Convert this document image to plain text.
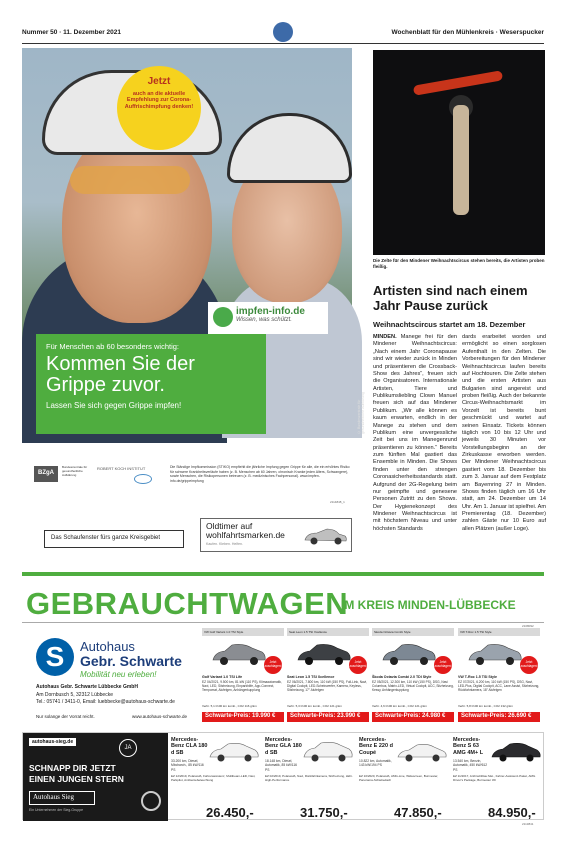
Nummer 50 · 11. Dezember 2021	Wochenblatt für den Mühlenkreis · Weserspucker
Jetzt
auch an die aktuelle Empfehlung zur Corona-Auffrischimpfung denken!
impfen-info.de
Wissen, was schützt.
Für Menschen ab 60 besonders wichtig:
Kommen Sie der Grippe zuvor.
Lassen Sie sich gegen Grippe impfen!	© Bundeszentrale für gesundheitliche Aufklärung
BZgA
Bundeszentrale für gesundheitliche Aufklärung
ROBERT KOCH INSTITUT	Die Ständige Impfkommission (STIKO) empfiehlt die jährliche Impfung gegen Grippe für alle, die ein erhöhtes Risiko für schwere Krankheitsverläufe haben (z. B. Menschen ab 60 Jahren, chronisch Kranke jeden Alters, Schwangere), sowie Menschen, die Risikopersonen betreuen (z. B. medizinisches Fachpersonal). www.impfen-info.de/grippeimpfung
2114848_1
Das Schaufenster fürs ganze Kreisgebiet
Oldtimer auf
wohlfahrtsmarken.de
Kaufen. Kleben. Helfen.
Die Zelte für den Mindener Weihnachtscircus stehen bereits, die Artisten proben fleißig.
Artisten sind nach einem Jahr Pause zurück
Weihnachtscircus startet am 18. Dezember
MINDEN. Manege frei für den Mindener Weihnachtscircus: „Nach einem Jahr Coronapause sind wir wieder zurück in Minden und präsentieren die Crossback-Show des Jahres“, freuen sich die Organisatoren. Internationale Artisten, Tiere und Publikumsliebling Clown Manuel freuen sich auf das Mindener Publikum. „Wir alle können es kaum erwarten, endlich in der Manege zu stehen und dem Publikum eine unvergessliche Zeit bei uns im Manegenrund präsentieren zu können.“ Bereits zum fünften Mal gastiert das Ensemble in Minden. Die Shows finden unter den strengen Coronasicherheitsstandards statt. Aufgrund der 2G-Regelung beim nur geimpfte und genesene Personen Zutritt zu den Shows. Der Hygienekonzept des Mindener Weihnachtscircus ist mit höchstem Niveau und unter höchsten Standards
dards erarbeitet worden und ermöglicht so einen sorglosen Aufenthalt in den Zelten. Die Vorbereitungen für den Mindener Weihnachtscircus laufen bereits auf Hochtouren. Die Zelte stehen und die ersten Artisten aus Bulgarien sind angereist und proben fleißig. Auch der bekannte Circus-Weihnachtsmarkt im Vorzelt ist bereits bunt geschmückt und wartet auf seinen Einsatz. Tickets können täglich von 10 bis 12 Uhr und jeweils 30 Minuten vor Vorstellungsbeginn an der Zirkuskasse erworben werden. Der Mindener Weihnachtscircus gastiert vom 18. Dezember bis zum 3. Januar auf dem Festplatz am Bayernring 27 in Minden. Shows finden täglich um 16 Uhr statt, am 24. Dezember um 14 Uhr. Am 1. Januar ist spielfrei. Am Premierentag (18. Dezember) zahlen Gäste nur 10 Euro auf allen Plätzen (außer Loge).
GEBRAUCHTWAGEN
IM KREIS MINDEN-LÜBBECKE
2108092
S	Autohaus
Gebr. Schwarte
Mobilität neu erleben!
Autohaus Gebr. Schwarte Lübbecke GmbH
Am Dornbusch 5, 32312 Lübbecke
Tel.: 05741 / 3411-0, Email: luebbecke@autohaus-schwarte.de
Nur solange der Vorrat reicht.	www.autohaus-schwarte.de
VW Golf Variant 1.0 TSI Style
Jetzt zuschlagen!
Golf Variant 1.0 TSI Life
EZ 04/2021, 9.500 km, 81 kW (110 PS), Klimaautomatik, Navi, LED, Sitzheizung, Einparkhilfe, App-Connect, Tempomat, Alufelgen, Anhängerkupplung
Verbr. 5,1 l/100 km komb., CO2 116 g/km
Schwarte-Preis: 19.990 €
Seat Leon 1.5 TSI Xcellence
Jetzt zuschlagen!
Seat Leon 1.5 TSI Xcellence
EZ 06/2021, 7.800 km, 110 kW (150 PS), Full-Link, Navi, Digital Cockpit, LED-Scheinwerfer, Kamera, Keyless, Sitzheizung, 17" Alufelgen
Verbr. 5,3 l/100 km komb., CO2 121 g/km
Schwarte-Preis: 23.990 €
Skoda Octavia Combi Style
Jetzt zuschlagen!
Škoda Octavia Combi 2.0 TDI Style
EZ 05/2021, 12.300 km, 110 kW (150 PS), DSG, Navi Columbus, Matrix-LED, Virtual Cockpit, ACC, Sitzheizung, Kessy, Anhängerkupplung
Verbr. 4,6 l/100 km komb., CO2 121 g/km
Schwarte-Preis: 24.980 €
VW T-Roc 1.5 TSI Style
Jetzt zuschlagen!
VW T-Roc 1.5 TSI Style
EZ 07/2021, 6.200 km, 110 kW (150 PS), DSG, Navi, LED-Plus, Digital Cockpit, ACC, Lane Assist, Sitzheizung, Rückfahrkamera, 18" Alufelgen
Verbr. 5,8 l/100 km komb., CO2 132 g/km
Schwarte-Preis: 26.690 €
autohaus-sieg.de
JA
SCHNAPP DIR JETZT EINEN JUNGEN STERN
Autohaus Sieg
Ein Unternehmen der Sieg-Gruppe
Mercedes-Benz CLA 180 d SB
33.200 km, Diesel, Mbcharch., 85 kW/116 PS
EZ 12/2019, Polarweiß, Fahrerassistenz, Multibeam-LED, Navi, Parkpilot, Ambientebeleuchtung
26.450,-
Mercedes-Benz GLA 180 d SB
18.148 km, Diesel, Automatik, 85 kW/116 PS
EZ 02/2019, Polarweiß, Navi, Rückfahrkamera, Sitzheizung, LED-High-Performance
31.750,-
Mercedes-Benz E 220 d Coupé
10.822 km, Automatik, 143 kW/194 PS
EZ 10/2020, Polarweiß, AMG-Line, Widescreen, Burmester, Panorama-Schiebedach
47.850,-
Mercedes-Benz S 63 AMG 4M+ L
13.540 km, Benzin, Automatik, 450 kW/612 PS
EZ 11/2017, Anthrazitblau Met., Fahrer-Assistenz-Paket, AMG Driver's Package, Burmester 3D
84.950,-
2113841
